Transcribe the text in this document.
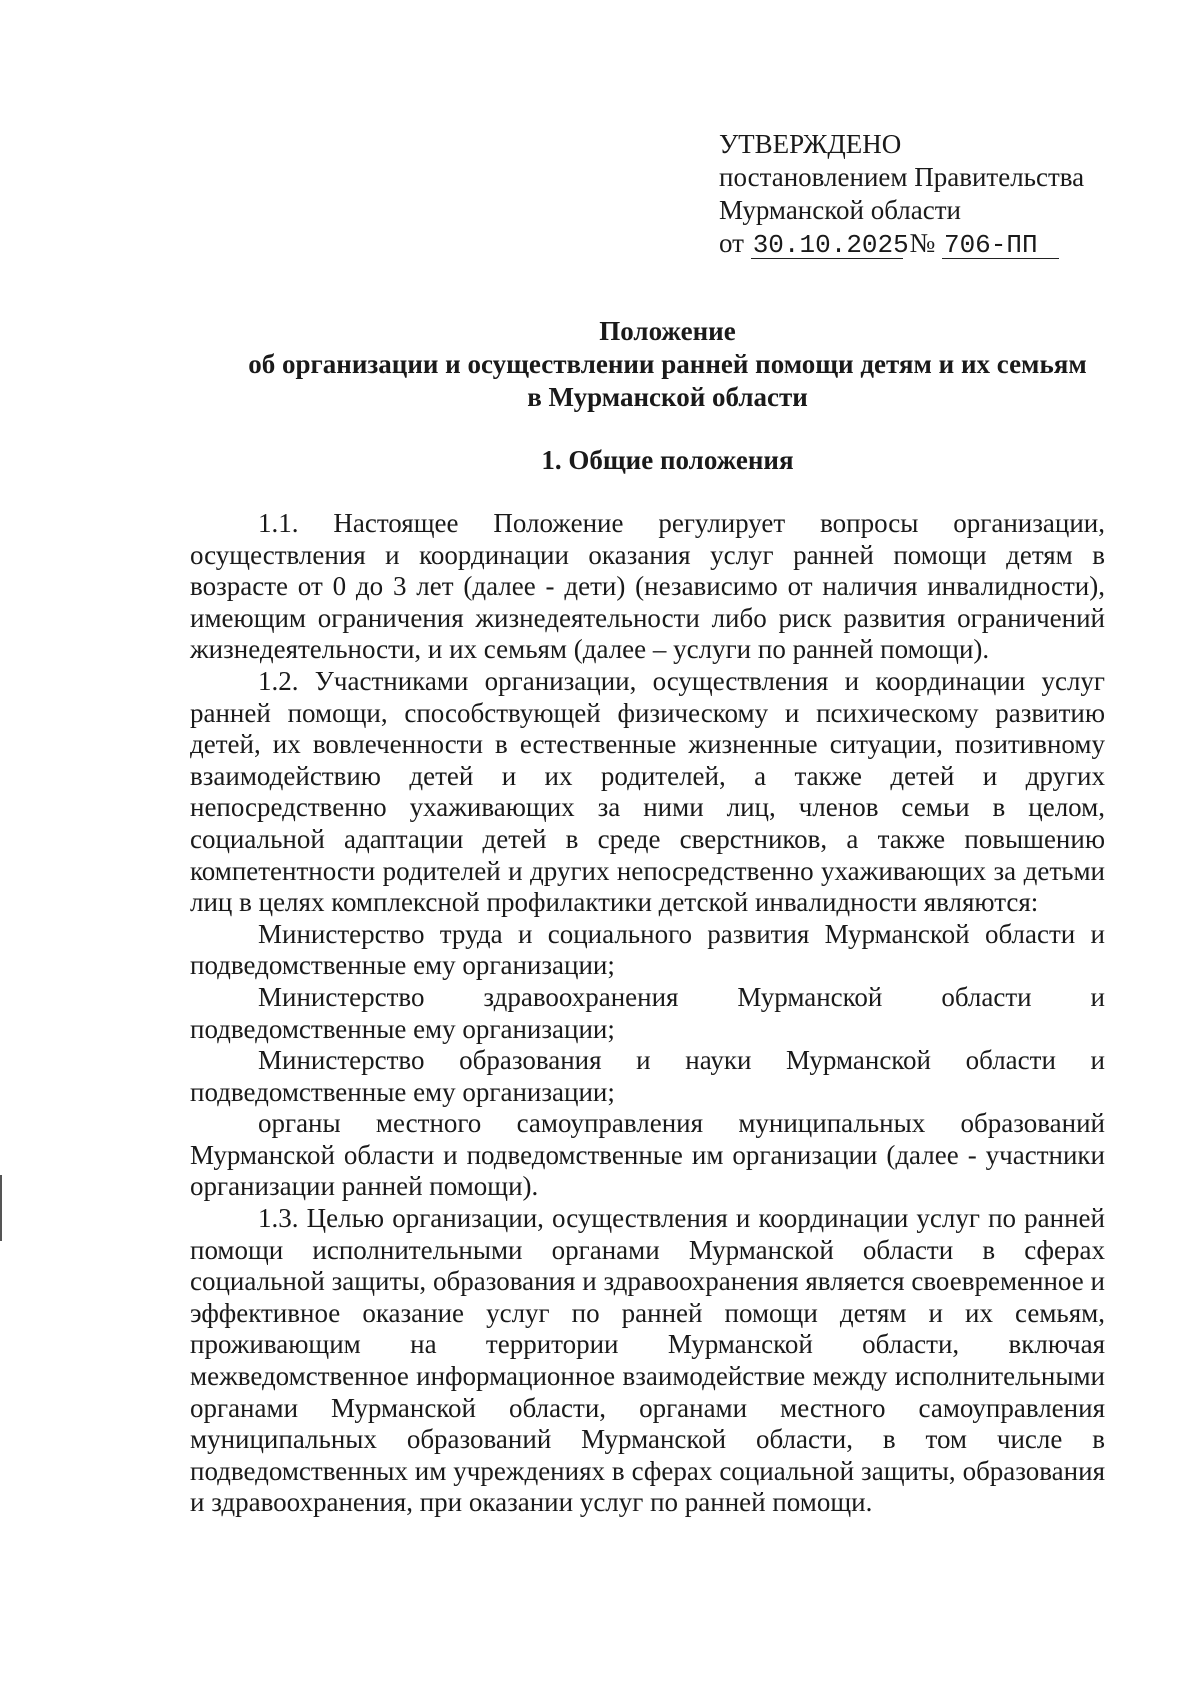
УТВЕРЖДЕНО
постановлением Правительства
Мурманской области
от 30.10.2025 № 706-ПП
Положение
об организации и осуществлении ранней помощи детям и их семьям
в Мурманской области
1. Общие положения

1.1. Настоящее Положение регулирует вопросы организации, осуществления и координации оказания услуг ранней помощи детям в возрасте от 0 до 3 лет (далее - дети) (независимо от наличия инвалидности), имеющим ограничения жизнедеятельности либо риск развития ограничений жизнедеятельности, и их семьям (далее – услуги по ранней помощи).

1.2. Участниками организации, осуществления и координации услуг ранней помощи, способствующей физическому и психическому развитию детей, их вовлеченности в естественные жизненные ситуации, позитивному взаимодействию детей и их родителей, а также детей и других непосредственно ухаживающих за ними лиц, членов семьи в целом, социальной адаптации детей в среде сверстников, а также повышению компетентности родителей и других непосредственно ухаживающих за детьми лиц в целях комплексной профилактики детской инвалидности являются:

Министерство труда и социального развития Мурманской области и подведомственные ему организации;

Министерство здравоохранения Мурманской области и подведомственные ему организации;

Министерство образования и науки Мурманской области и подведомственные ему организации;

органы местного самоуправления муниципальных образований Мурманской области и подведомственные им организации (далее - участники организации ранней помощи).

1.3. Целью организации, осуществления и координации услуг по ранней помощи исполнительными органами Мурманской области в сферах социальной защиты, образования и здравоохранения является своевременное и эффективное оказание услуг по ранней помощи детям и их семьям, проживающим на территории Мурманской области, включая межведомственное информационное взаимодействие между исполнительными органами Мурманской области, органами местного самоуправления муниципальных образований Мурманской области, в том числе в подведомственных им учреждениях в сферах социальной защиты, образования и здравоохранения, при оказании услуг по ранней помощи.
